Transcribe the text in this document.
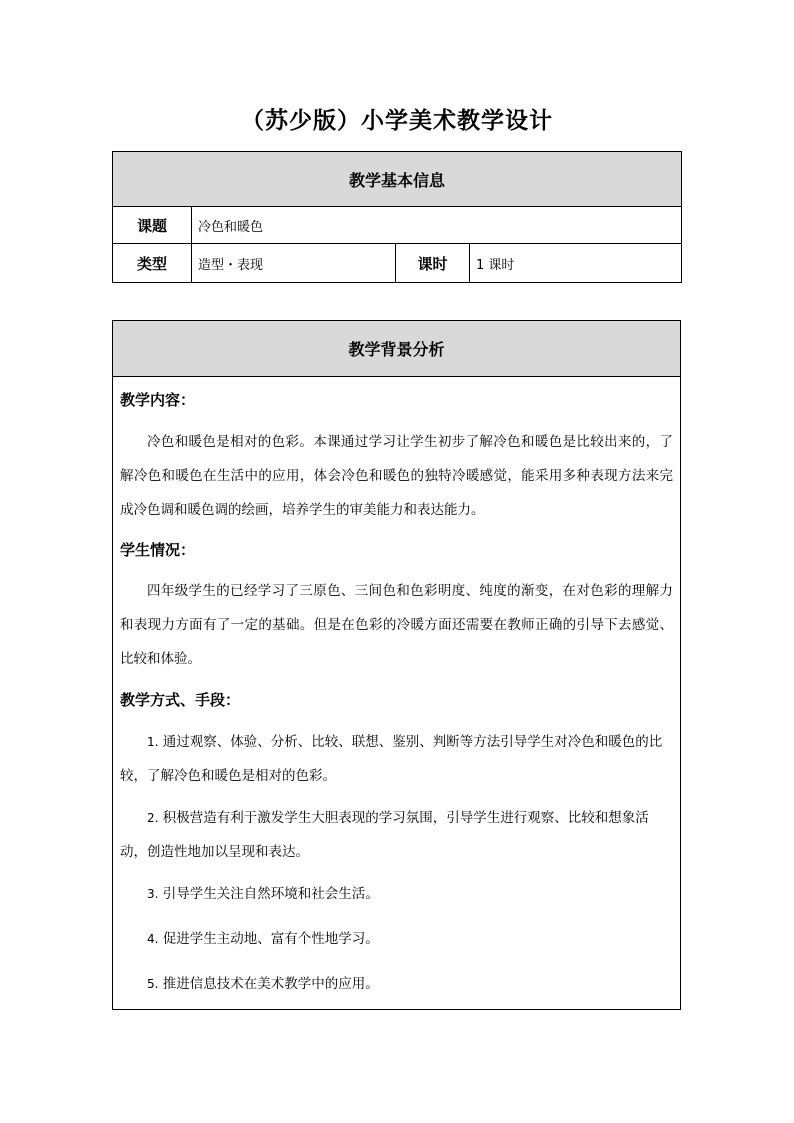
（苏少版）小学美术教学设计
教学基本信息			
课题	冷色和暖色		
类型	造型・表现	课时	1 课时
教学背景分析

教学内容：

冷色和暖色是相对的色彩。本课通过学习让学生初步了解冷色和暖色是比较出来的，了解冷色和暖色在生活中的应用，体会冷色和暖色的独特冷暖感觉，能采用多种表现方法来完成冷色调和暖色调的绘画，培养学生的审美能力和表达能力。

学生情况：

四年级学生的已经学习了三原色、三间色和色彩明度、纯度的渐变，在对色彩的理解力和表现力方面有了一定的基础。但是在色彩的冷暖方面还需要在教师正确的引导下去感觉、比较和体验。

教学方式、手段：

1. 通过观察、体验、分析、比较、联想、鉴别、判断等方法引导学生对冷色和暖色的比较，了解冷色和暖色是相对的色彩。

2. 积极营造有利于激发学生大胆表现的学习氛围，引导学生进行观察、比较和想象活动，创造性地加以呈现和表达。

3. 引导学生关注自然环境和社会生活。

4. 促进学生主动地、富有个性地学习。

5. 推进信息技术在美术教学中的应用。
